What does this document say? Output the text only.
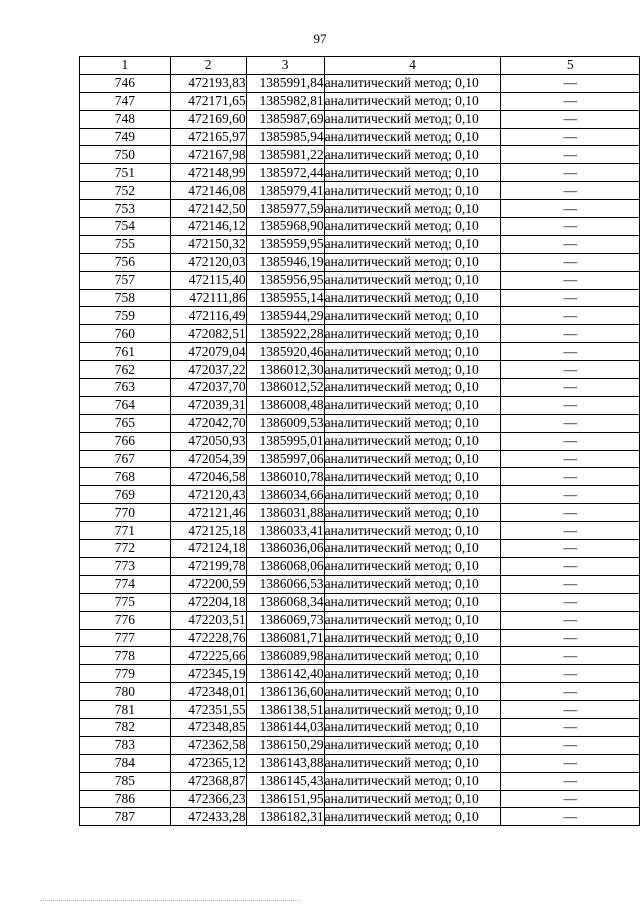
97
1	2	3	4	5
746	472193,83	1385991,84	аналитический метод; 0,10	—
747	472171,65	1385982,81	аналитический метод; 0,10	—
748	472169,60	1385987,69	аналитический метод; 0,10	—
749	472165,97	1385985,94	аналитический метод; 0,10	—
750	472167,98	1385981,22	аналитический метод; 0,10	—
751	472148,99	1385972,44	аналитический метод; 0,10	—
752	472146,08	1385979,41	аналитический метод; 0,10	—
753	472142,50	1385977,59	аналитический метод; 0,10	—
754	472146,12	1385968,90	аналитический метод; 0,10	—
755	472150,32	1385959,95	аналитический метод; 0,10	—
756	472120,03	1385946,19	аналитический метод; 0,10	—
757	472115,40	1385956,95	аналитический метод; 0,10	—
758	472111,86	1385955,14	аналитический метод; 0,10	—
759	472116,49	1385944,29	аналитический метод; 0,10	—
760	472082,51	1385922,28	аналитический метод; 0,10	—
761	472079,04	1385920,46	аналитический метод; 0,10	—
762	472037,22	1386012,30	аналитический метод; 0,10	—
763	472037,70	1386012,52	аналитический метод; 0,10	—
764	472039,31	1386008,48	аналитический метод; 0,10	—
765	472042,70	1386009,53	аналитический метод; 0,10	—
766	472050,93	1385995,01	аналитический метод; 0,10	—
767	472054,39	1385997,06	аналитический метод; 0,10	—
768	472046,58	1386010,78	аналитический метод; 0,10	—
769	472120,43	1386034,66	аналитический метод; 0,10	—
770	472121,46	1386031,88	аналитический метод; 0,10	—
771	472125,18	1386033,41	аналитический метод; 0,10	—
772	472124,18	1386036,06	аналитический метод; 0,10	—
773	472199,78	1386068,06	аналитический метод; 0,10	—
774	472200,59	1386066,53	аналитический метод; 0,10	—
775	472204,18	1386068,34	аналитический метод; 0,10	—
776	472203,51	1386069,73	аналитический метод; 0,10	—
777	472228,76	1386081,71	аналитический метод; 0,10	—
778	472225,66	1386089,98	аналитический метод; 0,10	—
779	472345,19	1386142,40	аналитический метод; 0,10	—
780	472348,01	1386136,60	аналитический метод; 0,10	—
781	472351,55	1386138,51	аналитический метод; 0,10	—
782	472348,85	1386144,03	аналитический метод; 0,10	—
783	472362,58	1386150,29	аналитический метод; 0,10	—
784	472365,12	1386143,88	аналитический метод; 0,10	—
785	472368,87	1386145,43	аналитический метод; 0,10	—
786	472366,23	1386151,95	аналитический метод; 0,10	—
787	472433,28	1386182,31	аналитический метод; 0,10	—
